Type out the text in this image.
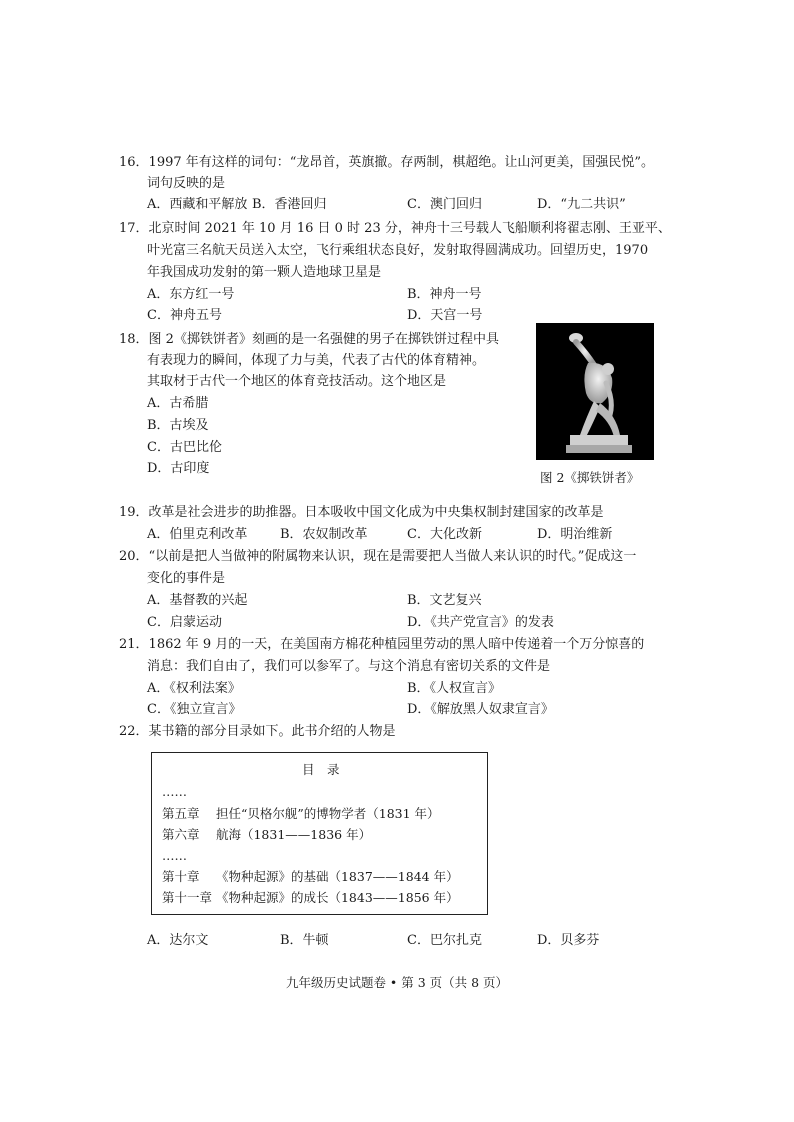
16．1997 年有这样的词句：“龙昂首，英旗撤。存两制，棋超绝。让山河更美，国强民悦”。
词句反映的是
A．西藏和平解放 B．香港回归	C．澳门回归	D．“九二共识”
17．北京时间 2021 年 10 月 16 日 0 时 23 分，神舟十三号载人飞船顺利将翟志刚、王亚平、
叶光富三名航天员送入太空，飞行乘组状态良好，发射取得圆满成功。回望历史，1970
年我国成功发射的第一颗人造地球卫星是
A．东方红一号	B．神舟一号
C．神舟五号	D．天宫一号
18．图 2《掷铁饼者》刻画的是一名强健的男子在掷铁饼过程中具
有表现力的瞬间，体现了力与美，代表了古代的体育精神。
其取材于古代一个地区的体育竞技活动。这个地区是
A．古希腊
B．古埃及
C．古巴比伦
D．古印度
图 2《掷铁饼者》
19．改革是社会进步的助推器。日本吸收中国文化成为中央集权制封建国家的改革是
A．伯里克利改革	B．农奴制改革	C．大化改新	D．明治维新
20．“以前是把人当做神的附属物来认识，现在是需要把人当做人来认识的时代。”促成这一
变化的事件是
A．基督教的兴起	B．文艺复兴
C．启蒙运动	D．《共产党宣言》的发表
21．1862 年 9 月的一天，在美国南方棉花种植园里劳动的黑人暗中传递着一个万分惊喜的
消息：我们自由了，我们可以参军了。与这个消息有密切关系的文件是
A．《权利法案》	B．《人权宣言》
C．《独立宣言》	D．《解放黑人奴隶宣言》
22．某书籍的部分目录如下。此书介绍的人物是
目　录
……
第五章　 担任“贝格尔舰”的博物学者（1831 年）
第六章　 航海（1831——1836 年）
……
第十章　 《物种起源》的基础（1837——1844 年）
第十一章 《物种起源》的成长（1843——1856 年）
A．达尔文	B．牛顿	C．巴尔扎克	D．贝多芬
九年级历史试题卷 • 第 3 页（共 8 页）
